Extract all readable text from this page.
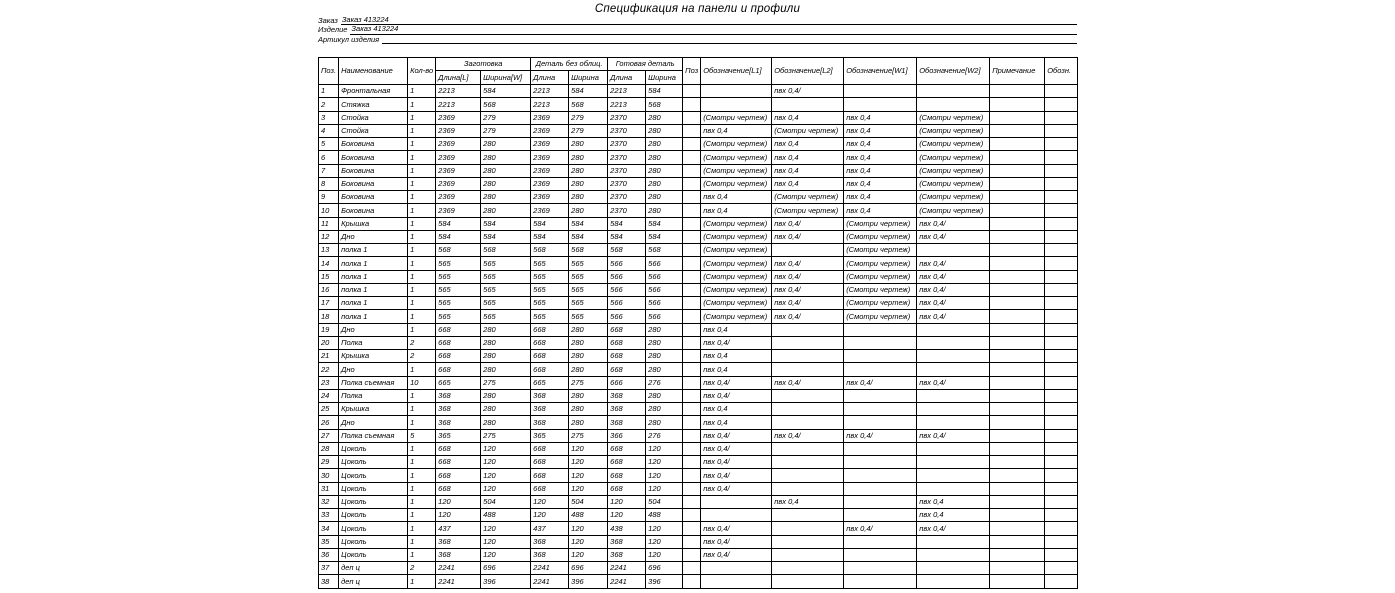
Спецификация на панели и профили
Заказ Заказ 413224
Изделие Заказ 413224
Артикул изделия
Поз.	Наименование	Кол-во	Заготовка		Деталь без облиц.		Готовая деталь		Поз	Обозначение[L1]	Обозначение[L2]	Обозначение[W1]	Обозначение[W2]	Примечание	Обозн.
			Длина[L]	Ширина[W]	Длина	Ширина	Длина	Ширина							
1	Фронтальная	1	2213	584	2213	584	2213	584			пвх 0,4/				
2	Стяжка	1	2213	568	2213	568	2213	568							
3	Стойка	1	2369	279	2369	279	2370	280		(Смотри чертеж)	пвх 0,4	пвх 0,4	(Смотри чертеж)		
4	Стойка	1	2369	279	2369	279	2370	280		пвх 0,4	(Смотри чертеж)	пвх 0,4	(Смотри чертеж)		
5	Боковина	1	2369	280	2369	280	2370	280		(Смотри чертеж)	пвх 0,4	пвх 0,4	(Смотри чертеж)		
6	Боковина	1	2369	280	2369	280	2370	280		(Смотри чертеж)	пвх 0,4	пвх 0,4	(Смотри чертеж)		
7	Боковина	1	2369	280	2369	280	2370	280		(Смотри чертеж)	пвх 0,4	пвх 0,4	(Смотри чертеж)		
8	Боковина	1	2369	280	2369	280	2370	280		(Смотри чертеж)	пвх 0,4	пвх 0,4	(Смотри чертеж)		
9	Боковина	1	2369	280	2369	280	2370	280		пвх 0,4	(Смотри чертеж)	пвх 0,4	(Смотри чертеж)		
10	Боковина	1	2369	280	2369	280	2370	280		пвх 0,4	(Смотри чертеж)	пвх 0,4	(Смотри чертеж)		
11	Крышка	1	584	584	584	584	584	584		(Смотри чертеж)	пвх 0,4/	(Смотри чертеж)	пвх 0,4/		
12	Дно	1	584	584	584	584	584	584		(Смотри чертеж)	пвх 0,4/	(Смотри чертеж)	пвх 0,4/		
13	полка 1	1	568	568	568	568	568	568		(Смотри чертеж)		(Смотри чертеж)			
14	полка 1	1	565	565	565	565	566	566		(Смотри чертеж)	пвх 0,4/	(Смотри чертеж)	пвх 0,4/		
15	полка 1	1	565	565	565	565	566	566		(Смотри чертеж)	пвх 0,4/	(Смотри чертеж)	пвх 0,4/		
16	полка 1	1	565	565	565	565	566	566		(Смотри чертеж)	пвх 0,4/	(Смотри чертеж)	пвх 0,4/		
17	полка 1	1	565	565	565	565	566	566		(Смотри чертеж)	пвх 0,4/	(Смотри чертеж)	пвх 0,4/		
18	полка 1	1	565	565	565	565	566	566		(Смотри чертеж)	пвх 0,4/	(Смотри чертеж)	пвх 0,4/		
19	Дно	1	668	280	668	280	668	280		пвх 0,4					
20	Полка	2	668	280	668	280	668	280		пвх 0,4/					
21	Крышка	2	668	280	668	280	668	280		пвх 0,4					
22	Дно	1	668	280	668	280	668	280		пвх 0,4					
23	Полка съемная	10	665	275	665	275	666	276		пвх 0,4/	пвх 0,4/	пвх 0,4/	пвх 0,4/		
24	Полка	1	368	280	368	280	368	280		пвх 0,4/					
25	Крышка	1	368	280	368	280	368	280		пвх 0,4					
26	Дно	1	368	280	368	280	368	280		пвх 0,4					
27	Полка съемная	5	365	275	365	275	366	276		пвх 0,4/	пвх 0,4/	пвх 0,4/	пвх 0,4/		
28	Цоколь	1	668	120	668	120	668	120		пвх 0,4/					
29	Цоколь	1	668	120	668	120	668	120		пвх 0,4/					
30	Цоколь	1	668	120	668	120	668	120		пвх 0,4/					
31	Цоколь	1	668	120	668	120	668	120		пвх 0,4/					
32	Цоколь	1	120	504	120	504	120	504			пвх 0,4		пвх 0,4		
33	Цоколь	1	120	488	120	488	120	488					пвх 0,4		
34	Цоколь	1	437	120	437	120	438	120		пвх 0,4/		пвх 0,4/	пвх 0,4/		
35	Цоколь	1	368	120	368	120	368	120		пвх 0,4/					
36	Цоколь	1	368	120	368	120	368	120		пвх 0,4/					
37	деп ц	2	2241	696	2241	696	2241	696							
38	деп ц	1	2241	396	2241	396	2241	396							
